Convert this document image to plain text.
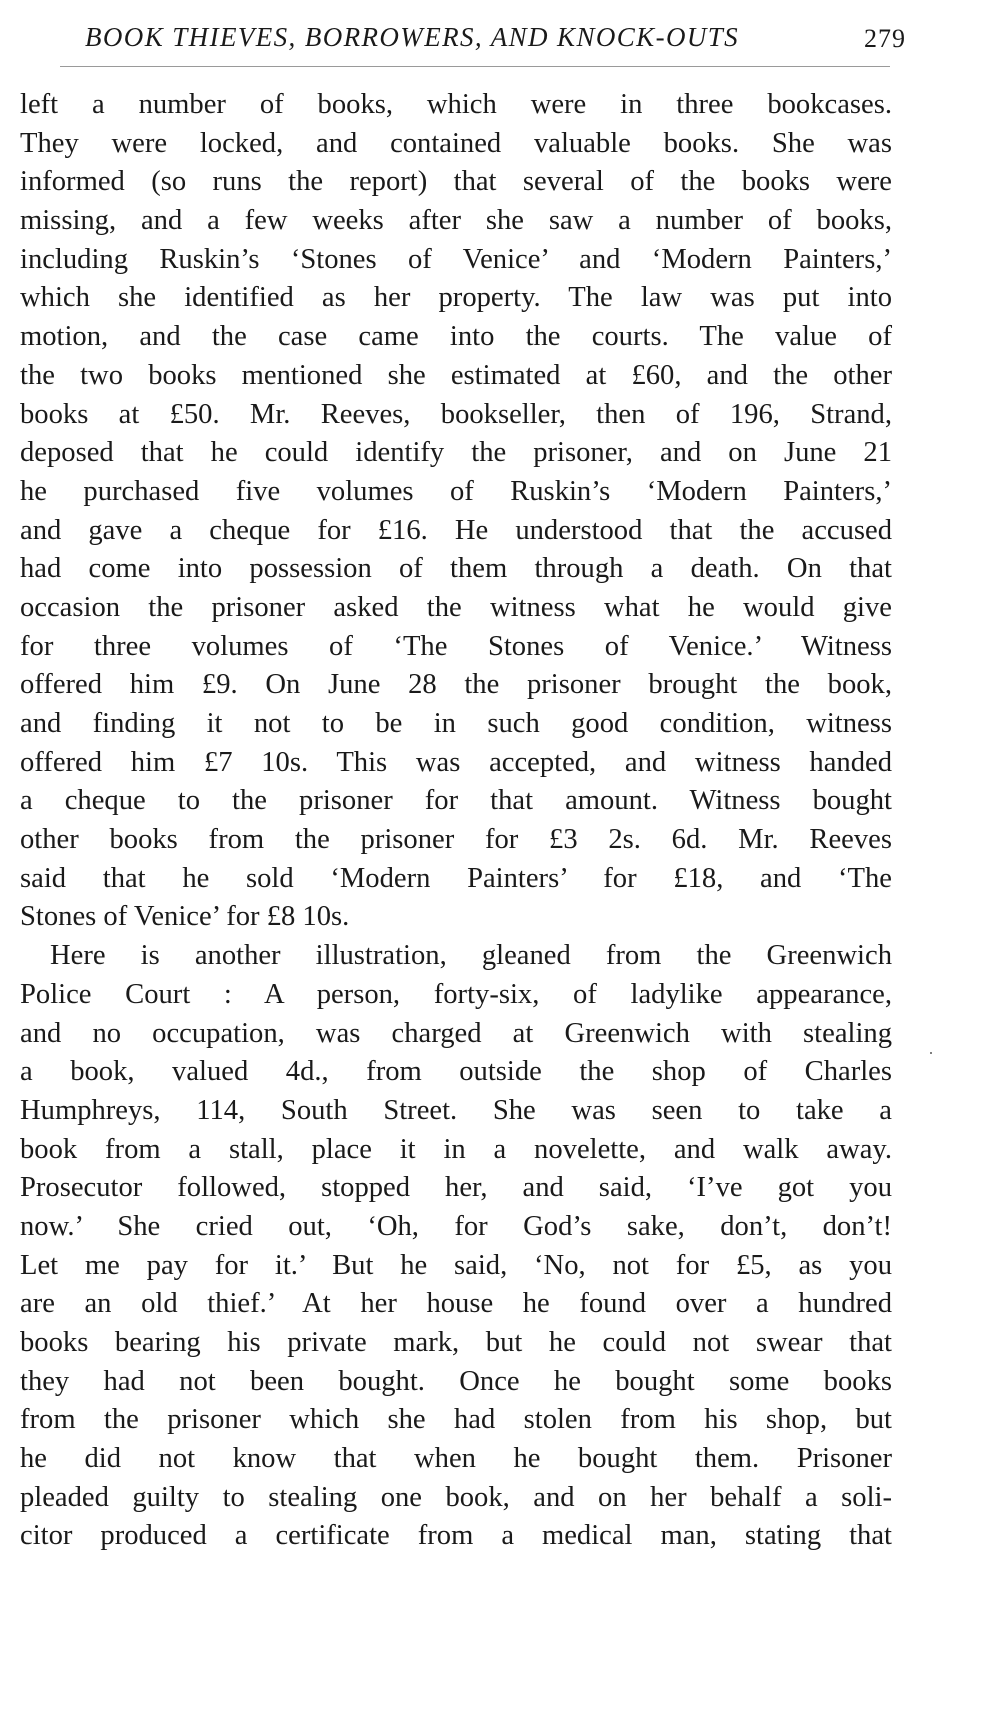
BOOK THIEVES, BORROWERS, AND KNOCK-OUTS	279
left a number of books, which were in three bookcases.
They were locked, and contained valuable books. She was
informed (so runs the report) that several of the books were
missing, and a few weeks after she saw a number of books,
including Ruskin’s ‘Stones of Venice’ and ‘Modern Painters,’
which she identified as her property. The law was put into
motion, and the case came into the courts. The value of
the two books mentioned she estimated at £60, and the other
books at £50. Mr. Reeves, bookseller, then of 196, Strand,
deposed that he could identify the prisoner, and on June 21
he purchased five volumes of Ruskin’s ‘Modern Painters,’
and gave a cheque for £16. He understood that the accused
had come into possession of them through a death. On that
occasion the prisoner asked the witness what he would give
for three volumes of ‘The Stones of Venice.’ Witness
offered him £9. On June 28 the prisoner brought the book,
and finding it not to be in such good condition, witness
offered him £7 10s. This was accepted, and witness handed
a cheque to the prisoner for that amount. Witness bought
other books from the prisoner for £3 2s. 6d. Mr. Reeves
said that he sold ‘Modern Painters’ for £18, and ‘The
Stones of Venice’ for £8 10s.
Here is another illustration, gleaned from the Greenwich
Police Court : A person, forty-six, of ladylike appearance,
and no occupation, was charged at Greenwich with stealing
a book, valued 4d., from outside the shop of Charles
Humphreys, 114, South Street. She was seen to take a
book from a stall, place it in a novelette, and walk away.
Prosecutor followed, stopped her, and said, ‘I’ve got you
now.’ She cried out, ‘Oh, for God’s sake, don’t, don’t!
Let me pay for it.’ But he said, ‘No, not for £5, as you
are an old thief.’ At her house he found over a hundred
books bearing his private mark, but he could not swear that
they had not been bought. Once he bought some books
from the prisoner which she had stolen from his shop, but
he did not know that when he bought them. Prisoner
pleaded guilty to stealing one book, and on her behalf a soli-
citor produced a certificate from a medical man, stating that
